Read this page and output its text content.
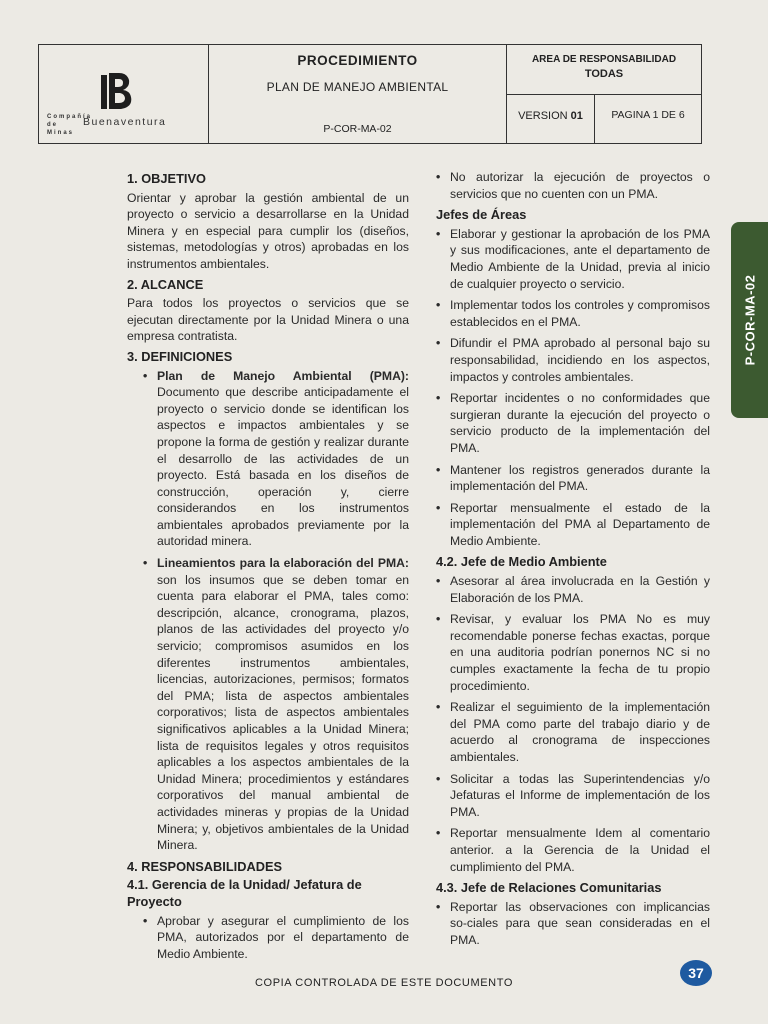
Compañía de Minas
Buenaventura
PROCEDIMIENTO
PLAN DE MANEJO AMBIENTAL
P-COR-MA-02
AREA DE RESPONSABILIDAD
TODAS
VERSION 01	PAGINA 1 DE 6
1. OBJETIVO

Orientar y aprobar la gestión ambiental de un proyecto o servicio a desarrollarse en la Unidad Minera y en especial para cumplir los (diseños, sistemas, metodologías y otros) aprobadas en los instrumentos ambientales.

2. ALCANCE

Para todos los proyectos o servicios que se ejecutan directamente por la Unidad Minera o una empresa contratista.

3. DEFINICIONES
• Plan de Manejo Ambiental (PMA): Documento que describe anticipadamente el proyecto o servicio donde se identifican los aspectos e impactos ambientales y se propone la forma de gestión y realizar durante el desarrollo de las actividades de un proyecto. Está basada en los diseños de construcción, operación y, cierre considerandos en los instrumentos ambientales aprobados previamente por la autoridad minera.
• Lineamientos para la elaboración del PMA: son los insumos que se deben tomar en cuenta para elaborar el PMA, tales como: descripción, alcance, cronograma, plazos, planos de las actividades del proyecto y/o servicio; compromisos asumidos en los diferentes instrumentos ambientales, licencias, autorizaciones, permisos; formatos del PMA; lista de aspectos ambientales corporativos; lista de aspectos ambientales significativos aplicables a la Unidad Minera; lista de requisitos legales y otros requisitos aplicables a los aspectos ambientales de la Unidad Minera; procedimientos y estándares corporativos del manual ambiental de actividades mineras y propias de la Unidad Minera; y, objetivos ambientales de la Unidad Minera.
4. RESPONSABILIDADES
4.1. Gerencia de la Unidad/ Jefatura de Proyecto
• Aprobar y asegurar el cumplimiento de los PMA, autorizados por el departamento de Medio Ambiente.
• No autorizar la ejecución de proyectos o servicios que no cuenten con un PMA.
Jefes de Áreas
• Elaborar y gestionar la aprobación de los PMA y sus modificaciones, ante el departamento de Medio Ambiente de la Unidad, previa al inicio de cualquier proyecto o servicio.
• Implementar todos los controles y compromisos establecidos en el PMA.
• Difundir el PMA aprobado al personal bajo su responsabilidad, incidiendo en los aspectos, impactos y controles ambientales.
• Reportar incidentes o no conformidades que surgieran durante la ejecución del proyecto o servicio producto de la implementación del PMA.
• Mantener los registros generados durante la implementación del PMA.
• Reportar mensualmente el estado de la implementación del PMA al Departamento de Medio Ambiente.
4.2. Jefe de Medio Ambiente
• Asesorar al área involucrada en la Gestión y Elaboración de los PMA.
• Revisar, y evaluar los PMA No es muy recomendable ponerse fechas exactas, porque en una auditoria podrían ponernos NC si no cumples exactamente la fecha de tu propio procedimiento.
• Realizar el seguimiento de la implementación del PMA como parte del trabajo diario y de acuerdo al cronograma de inspecciones ambientales.
• Solicitar a todas las Superintendencias y/o Jefaturas el Informe de implementación de los PMA.
• Reportar mensualmente Idem al comentario anterior. a la Gerencia de la Unidad el cumplimiento del PMA.
4.3. Jefe de Relaciones Comunitarias
• Reportar las observaciones con implicancias so-ciales para que sean consideradas en el PMA.
P-COR-MA-02
COPIA CONTROLADA DE ESTE DOCUMENTO
37
